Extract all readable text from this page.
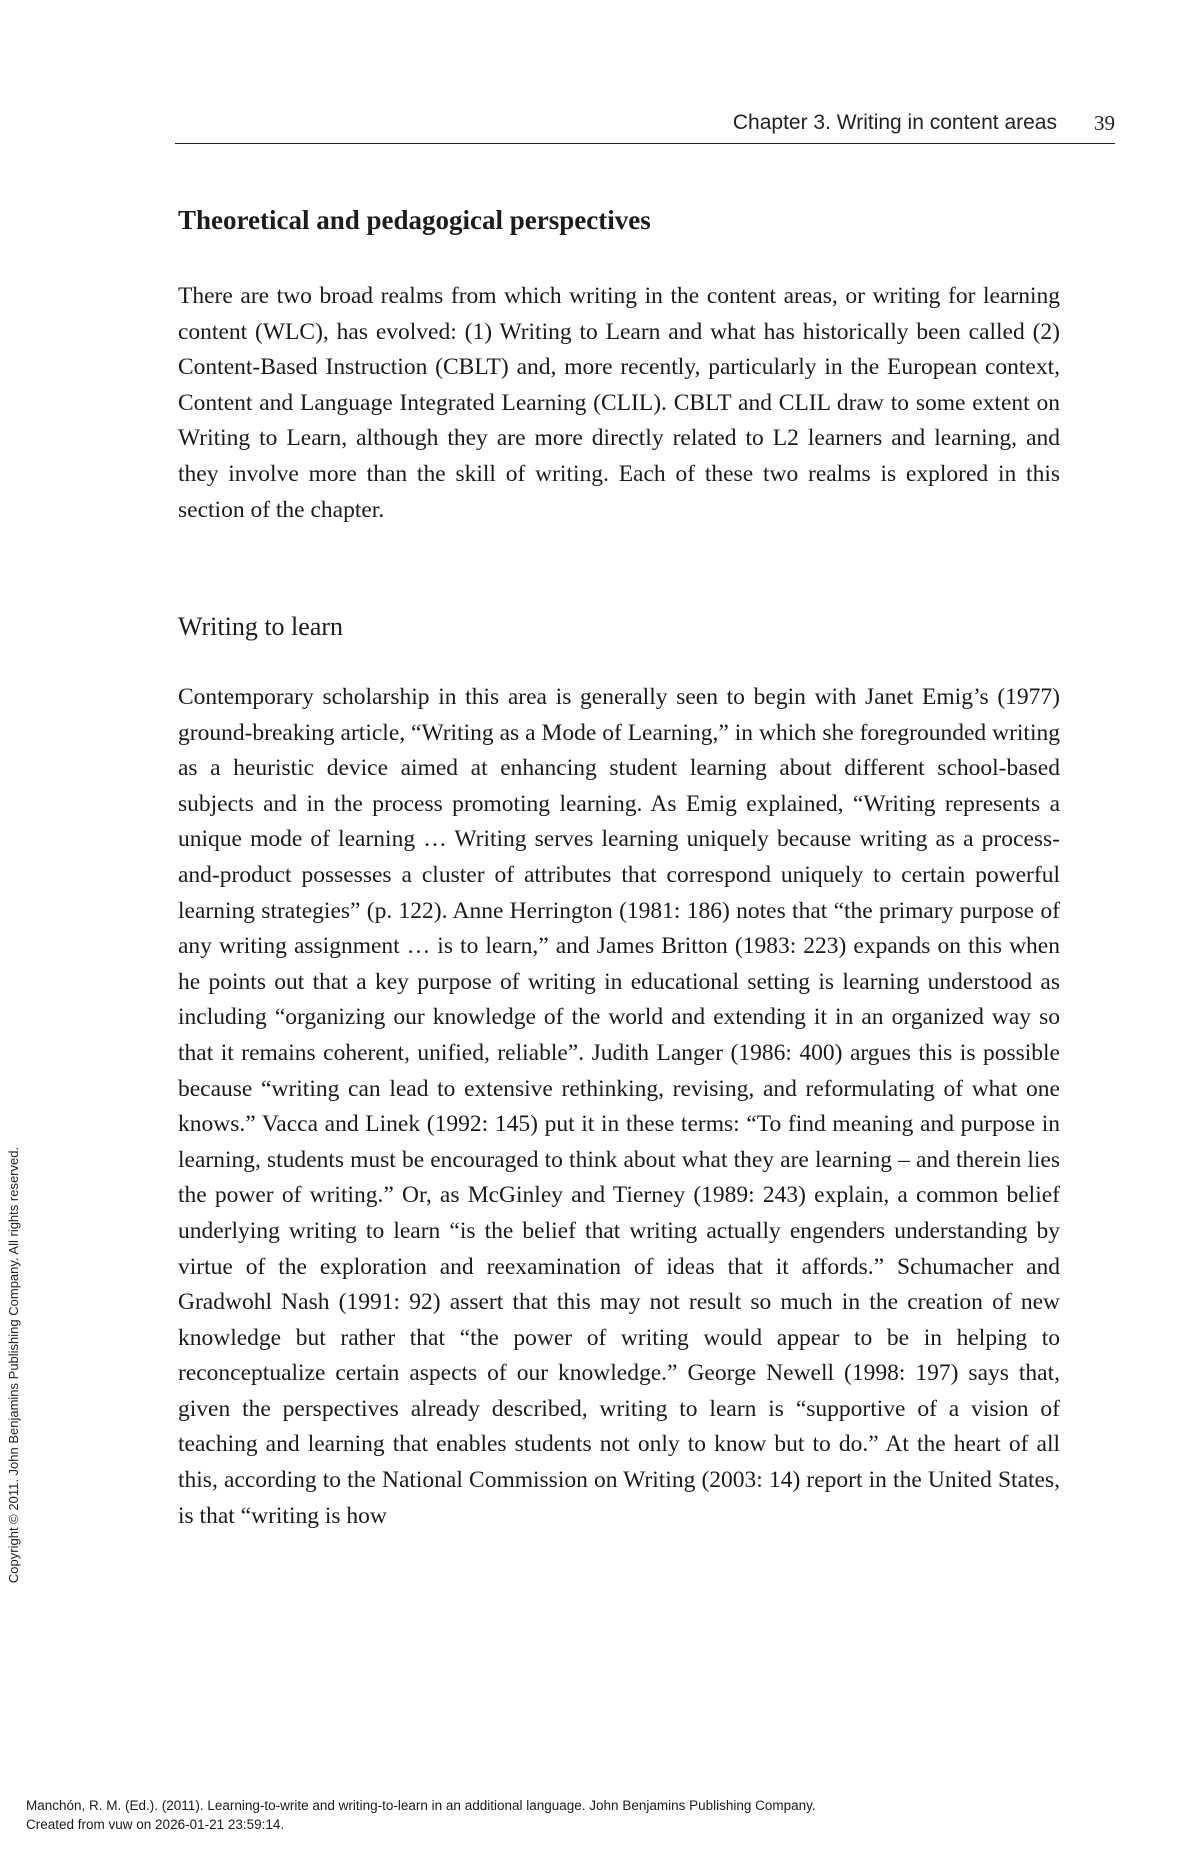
Chapter 3. Writing in content areas 39
Theoretical and pedagogical perspectives

There are two broad realms from which writing in the content areas, or writing for learning content (WLC), has evolved: (1) Writing to Learn and what has historically been called (2) Content-Based Instruction (CBLT) and, more recently, particularly in the European context, Content and Language Integrated Learning (CLIL). CBLT and CLIL draw to some extent on Writing to Learn, although they are more directly related to L2 learners and learning, and they involve more than the skill of writing. Each of these two realms is explored in this section of the chapter.

Writing to learn

Contemporary scholarship in this area is generally seen to begin with Janet Emig’s (1977) ground-breaking article, “Writing as a Mode of Learning,” in which she foregrounded writing as a heuristic device aimed at enhancing student learning about different school-based subjects and in the process promoting learning. As Emig explained, “Writing represents a unique mode of learning … Writing serves learning uniquely because writing as a process-and-product possesses a cluster of attributes that correspond uniquely to certain powerful learning strategies” (p. 122). Anne Herrington (1981: 186) notes that “the primary purpose of any writing assignment … is to learn,” and James Britton (1983: 223) expands on this when he points out that a key purpose of writing in educational setting is learning understood as including “organizing our knowledge of the world and extending it in an organized way so that it remains coherent, unified, reliable”. Judith Langer (1986: 400) argues this is possible because “writing can lead to extensive rethinking, revising, and reformulating of what one knows.” Vacca and Linek (1992: 145) put it in these terms: “To find meaning and purpose in learning, students must be encouraged to think about what they are learning – and therein lies the power of writing.” Or, as McGinley and Tierney (1989: 243) explain, a common belief underlying writing to learn “is the belief that writing actually engenders understanding by virtue of the exploration and reexamination of ideas that it affords.” Schumacher and Gradwohl Nash (1991: 92) assert that this may not result so much in the creation of new knowledge but rather that “the power of writing would appear to be in helping to reconceptualize certain aspects of our knowledge.” George Newell (1998: 197) says that, given the perspectives already described, writing to learn is “supportive of a vision of teaching and learning that enables students not only to know but to do.” At the heart of all this, according to the National Commission on Writing (2003: 14) report in the United States, is that “writing is how

Copyright © 2011. John Benjamins Publishing Company. All rights reserved.
Manchón, R. M. (Ed.). (2011). Learning-to-write and writing-to-learn in an additional language. John Benjamins Publishing Company.
Created from vuw on 2026-01-21 23:59:14.
